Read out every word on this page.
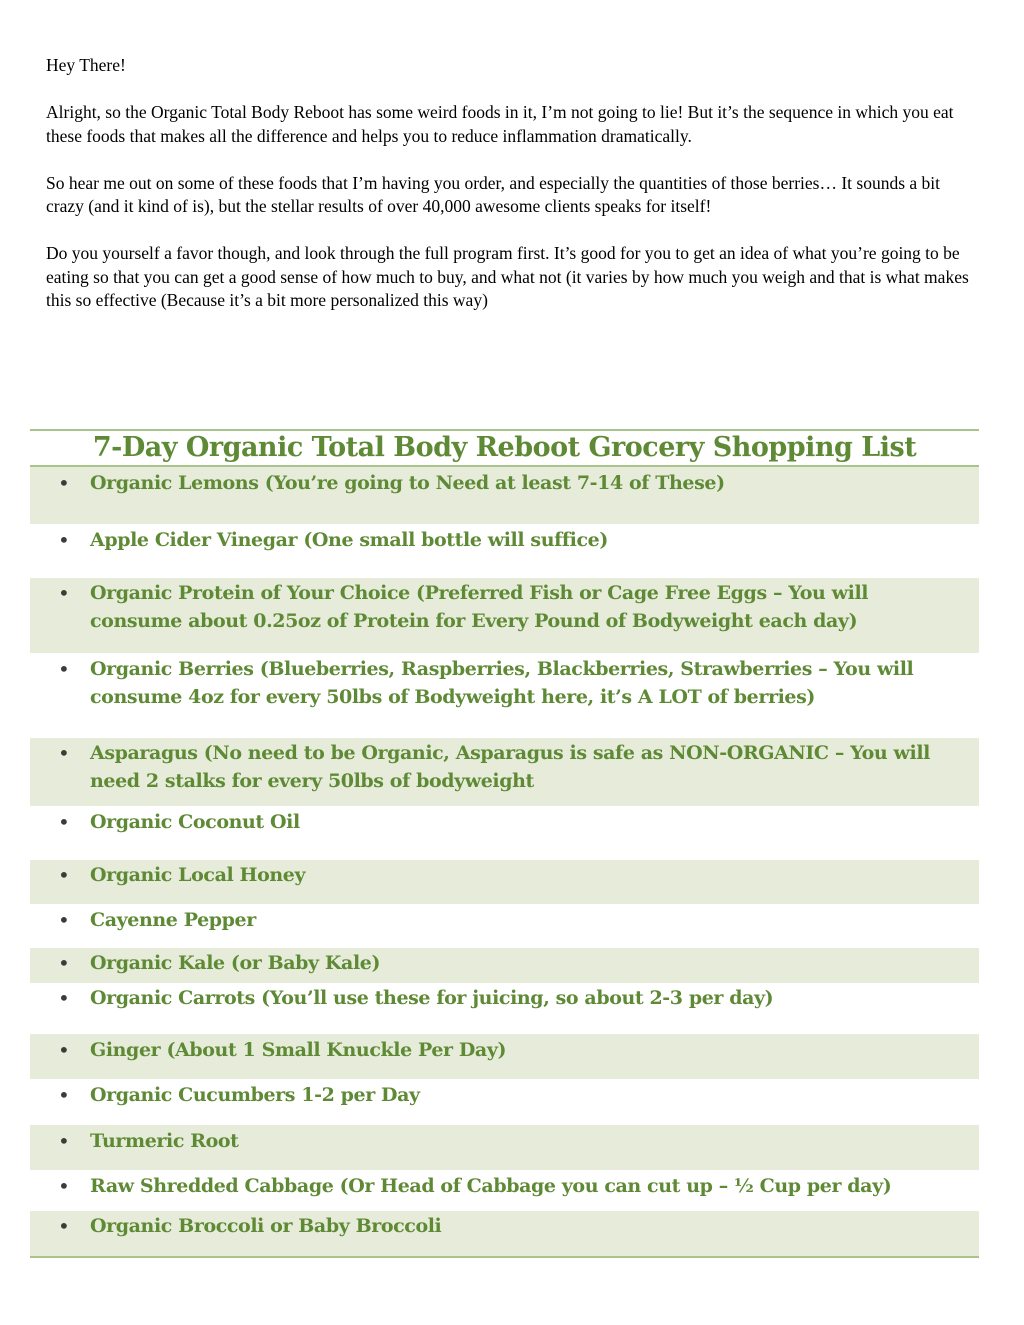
Hey There!

Alright, so the Organic Total Body Reboot has some weird foods in it, I’m not going to lie! But it’s the sequence in which you eat these foods that makes all the difference and helps you to reduce inflammation dramatically.

So hear me out on some of these foods that I’m having you order, and especially the quantities of those berries… It sounds a bit crazy (and it kind of is), but the stellar results of over 40,000 awesome clients speaks for itself!

Do you yourself a favor though, and look through the full program first. It’s good for you to get an idea of what you’re going to be eating so that you can get a good sense of how much to buy, and what not (it varies by how much you weigh and that is what makes this so effective (Because it’s a bit more personalized this way)

7-Day Organic Total Body Reboot Grocery Shopping List
• Organic Lemons (You’re going to Need at least 7-14 of These)
• Apple Cider Vinegar (One small bottle will suffice)
• Organic Protein of Your Choice (Preferred Fish or Cage Free Eggs – You will consume about 0.25oz of Protein for Every Pound of Bodyweight each day)
• Organic Berries (Blueberries, Raspberries, Blackberries, Strawberries – You will consume 4oz for every 50lbs of Bodyweight here, it’s A LOT of berries)
• Asparagus (No need to be Organic, Asparagus is safe as NON-ORGANIC – You will need 2 stalks for every 50lbs of bodyweight
• Organic Coconut Oil
• Organic Local Honey
• Cayenne Pepper
• Organic Kale (or Baby Kale)
• Organic Carrots (You’ll use these for juicing, so about 2-3 per day)
• Ginger (About 1 Small Knuckle Per Day)
• Organic Cucumbers 1-2 per Day
• Turmeric Root
• Raw Shredded Cabbage (Or Head of Cabbage you can cut up – ½ Cup per day)
• Organic Broccoli or Baby Broccoli
